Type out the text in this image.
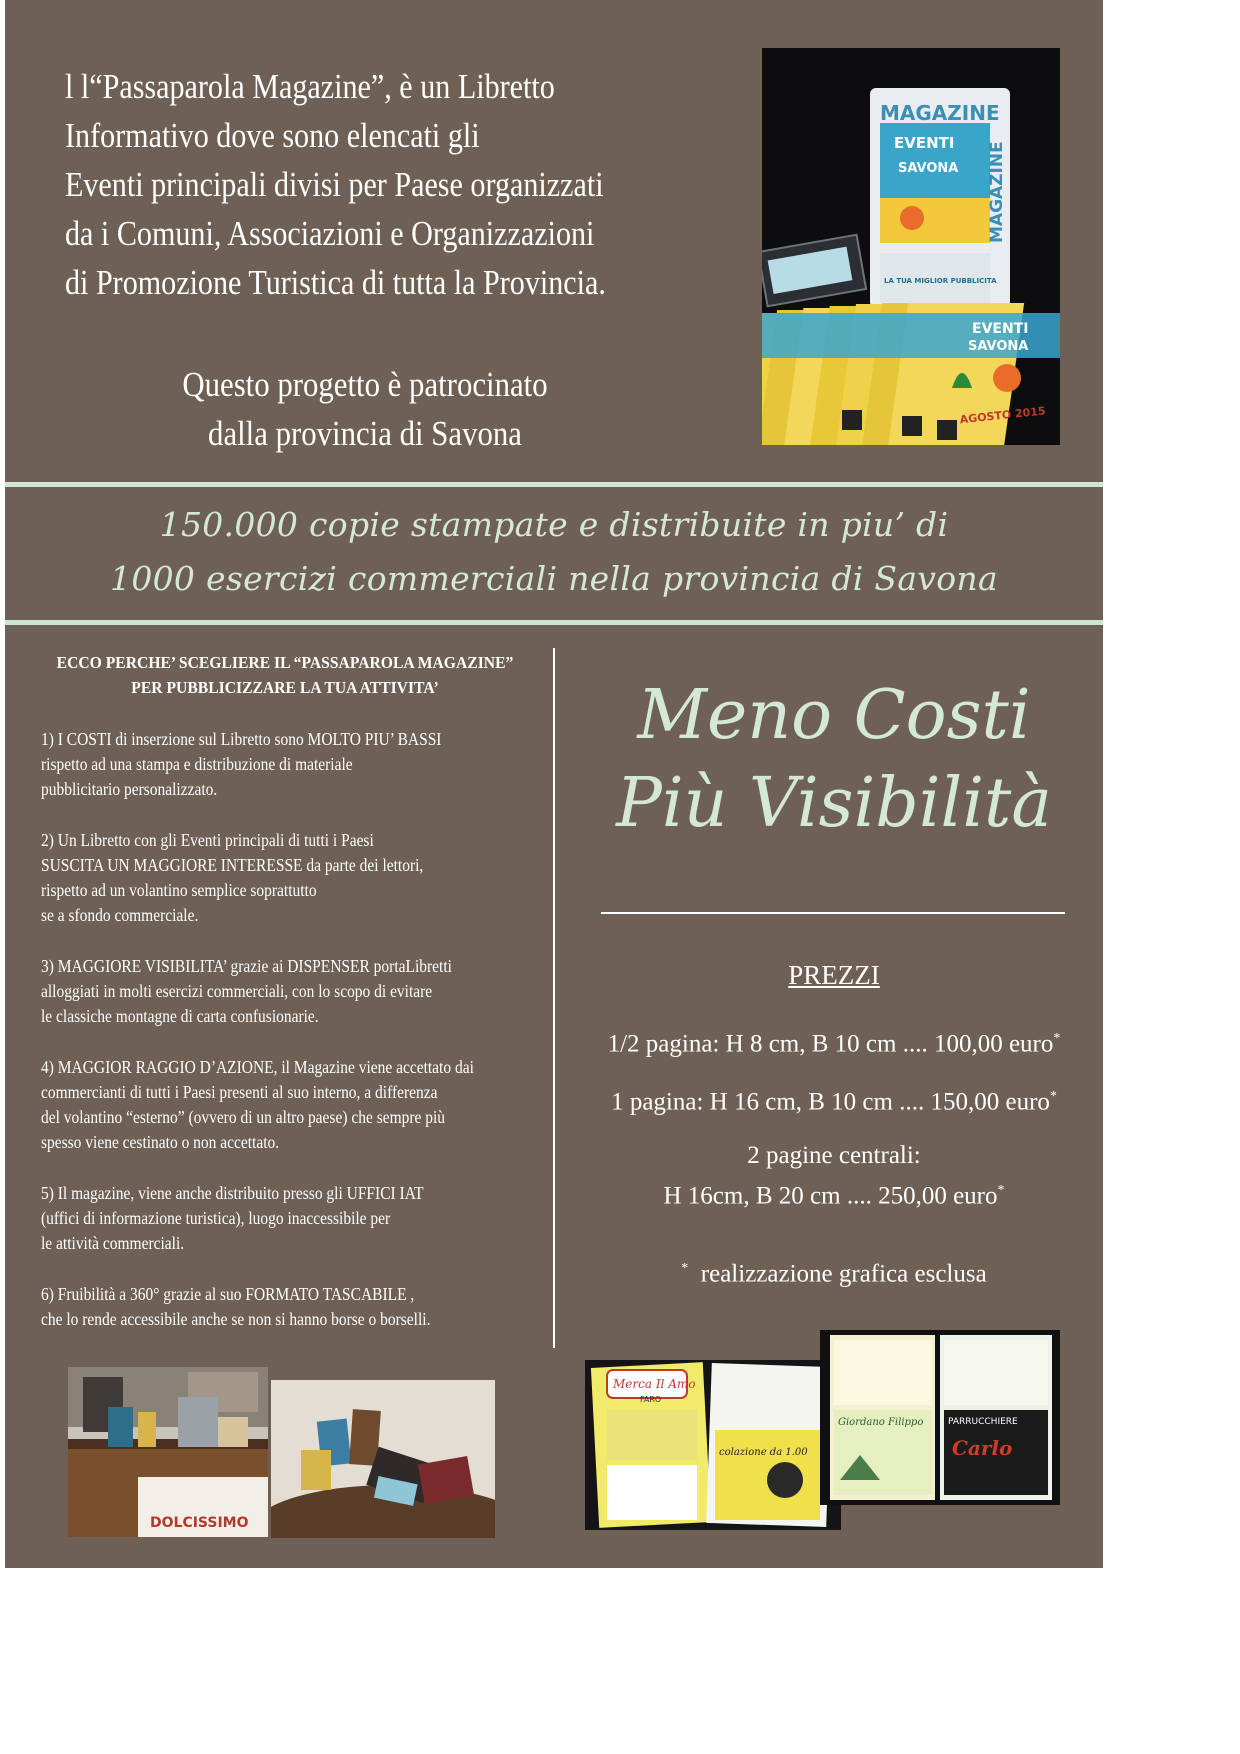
l l“Passaparola Magazine”, è un Libretto
Informativo dove sono elencati gli
Eventi principali divisi per Paese organizzati
da i Comuni, Associazioni e Organizzazioni
di Promozione Turistica di tutta la Provincia.
Questo progetto è patrocinato
dalla provincia di Savona
MAGAZINE
EVENTI
SAVONA MAGAZINE
LA TUA MIGLIOR PUBBLICITA
EVENTI
SAVONA
AGOSTO 2015
150.000 copie stampate e distribuite in piu’ di
1000 esercizi commerciali nella provincia di Savona
ECCO PERCHE’ SCEGLIERE IL “PASSAPAROLA MAGAZINE”
PER PUBBLICIZZARE LA TUA ATTIVITA’
1) I COSTI di inserzione sul Libretto sono MOLTO PIU’ BASSI
rispetto ad una stampa e distribuzione di materiale
pubblicitario personalizzato.
2) Un Libretto con gli Eventi principali di tutti i Paesi
SUSCITA UN MAGGIORE INTERESSE da parte dei lettori,
rispetto ad un volantino semplice soprattutto
se a sfondo commerciale.
3) MAGGIORE VISIBILITA’ grazie ai DISPENSER portaLibretti
alloggiati in molti esercizi commerciali, con lo scopo di evitare
le classiche montagne di carta confusionarie.
4) MAGGIOR RAGGIO D’AZIONE, il Magazine viene accettato dai
commercianti di tutti i Paesi presenti al suo interno, a differenza
del volantino “esterno” (ovvero di un altro paese) che sempre più
spesso viene cestinato o non accettato.
5) Il magazine, viene anche distribuito presso gli UFFICI IAT
(uffici di informazione turistica), luogo inaccessibile per
le attività commerciali.
6) Fruibilità a 360° grazie al suo FORMATO TASCABILE ,
che lo rende accessibile anche se non si hanno borse o borselli.
Meno Costi
Più Visibilità
PREZZI
1/2 pagina: H 8 cm, B 10 cm .... 100,00 euro*
1 pagina: H 16 cm, B 10 cm .... 150,00 euro*
2 pagine centrali:
H 16cm, B 20 cm .... 250,00 euro*
* realizzazione grafica esclusa
DOLCISSIMO
Merca Il Amo
FARO
colazione da 1.00
Giordano Filippo	PARRUCCHIERE
Carlo
